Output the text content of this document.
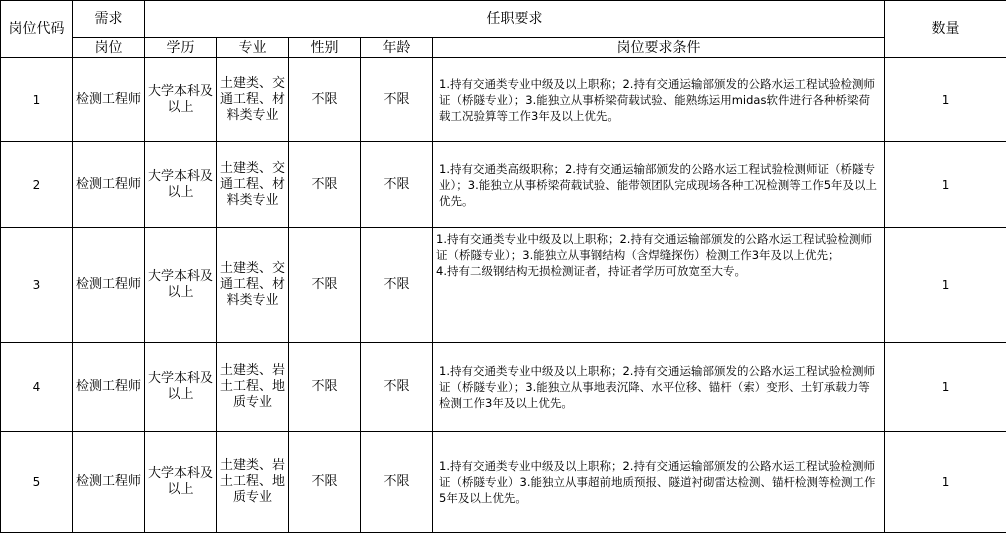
岗位代码	需求	任职要求					数量
	岗位	学历	专业	性别	年龄	岗位要求条件	
1	检测工程师	大学本科及以上	土建类、交通工程、材料类专业	不限	不限	1.持有交通类专业中级及以上职称；2.持有交通运输部颁发的公路水运工程试验检测师证（桥隧专业）；3.能独立从事桥梁荷载试验、能熟练运用midas软件进行各种桥梁荷载工况验算等工作3年及以上优先。	1
2	检测工程师	大学本科及以上	土建类、交通工程、材料类专业	不限	不限	1.持有交通类高级职称；2.持有交通运输部颁发的公路水运工程试验检测师证（桥隧专业）；3.能独立从事桥梁荷载试验、能带领团队完成现场各种工况检测等工作5年及以上优先。	1
3	检测工程师	大学本科及以上	土建类、交通工程、材料类专业	不限	不限	1.持有交通类专业中级及以上职称；2.持有交通运输部颁发的公路水运工程试验检测师证（桥隧专业）；3.能独立从事钢结构（含焊缝探伤）检测工作3年及以上优先；
4.持有二级钢结构无损检测证者，持证者学历可放宽至大专。	1
4	检测工程师	大学本科及以上	土建类、岩土工程、地质专业	不限	不限	1.持有交通类专业中级及以上职称；2.持有交通运输部颁发的公路水运工程试验检测师证（桥隧专业）；3.能独立从事地表沉降、水平位移、锚杆（索）变形、土钉承载力等检测工作3年及以上优先。	1
5	检测工程师	大学本科及以上	土建类、岩土工程、地质专业	不限	不限	1.持有交通类专业中级及以上职称；2.持有交通运输部颁发的公路水运工程试验检测师证（桥隧专业）3.能独立从事超前地质预报、隧道衬砌雷达检测、锚杆检测等检测工作5年及以上优先。	1
